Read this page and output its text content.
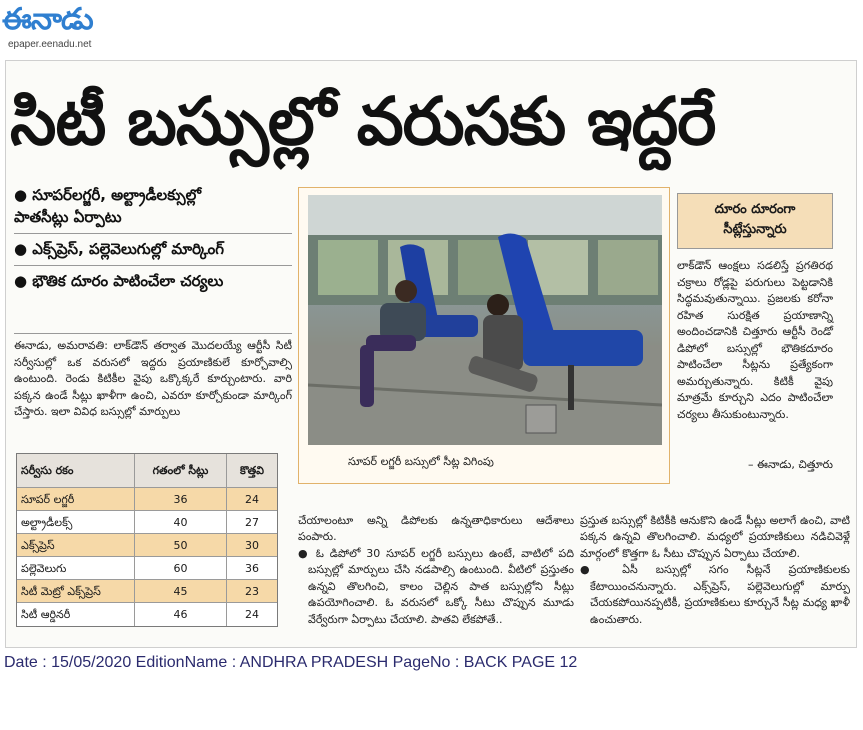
ఈనాడు
epaper.eenadu.net
సిటీ బస్సుల్లో వరుసకు ఇద్దరే
● సూపర్‌లగ్జరీ, అల్ట్రాడీలక్సుల్లో
పాతసీట్లు ఏర్పాటు
● ఎక్స్‌ప్రెస్, పల్లెవెలుగుల్లో మార్కింగ్
● భౌతిక దూరం పాటించేలా చర్యలు
ఈనాడు, అమరావతి: లాక్‌డౌన్ తర్వాత మొదలయ్యే ఆర్టీసీ సిటీ సర్వీసుల్లో ఒక వరుసలో ఇద్దరు ప్రయాణికులే కూర్చోవాల్సి ఉంటుంది. రెండు కిటికీల వైపు ఒక్కొక్కరే కూర్చుంటారు. వారి పక్కన ఉండే సీట్లు ఖాళీగా ఉంచి, ఎవరూ కూర్చోకుండా మార్కింగ్ చేస్తారు. ఇలా వివిధ బస్సుల్లో మార్పులు
సూపర్ లగ్జరీ బస్సులో సీట్ల విగింపు
దూరం దూరంగా
సీట్లేస్తున్నారు
లాక్‌డౌన్ ఆంక్షలు సడలిస్తే ప్రగతిరథ చక్రాలు రోడ్లపై పరుగులు పెట్టడానికి సిద్ధమవుతున్నాయి. ప్రజలకు కరోనా రహిత సురక్షిత ప్రయాణాన్ని అందించడానికి చిత్తూరు ఆర్టీసీ రెండో డిపోలో బస్సుల్లో భౌతికదూరం పాటించేలా సీట్లను ప్రత్యేకంగా అమర్చుతున్నారు. కిటికీ వైపు మాత్రమే కూర్చుని ఎదం పాటించేలా చర్యలు తీసుకుంటున్నారు.
– ఈనాడు, చిత్తూరు
సర్వీసు రకం	గతంలో సీట్లు	కొత్తవి
సూపర్ లగ్జరీ	36	24
అల్ట్రాడీలక్స్	40	27
ఎక్స్‌ప్రెస్	50	30
పల్లెవెలుగు	60	36
సిటీ మెట్రో ఎక్స్‌ప్రెస్	45	23
సిటీ ఆర్డినరీ	46	24

చేయాలంటూ అన్ని డిపోలకు ఉన్నతాధికారులు ఆదేశాలు పంపారు.

● ఓ డిపోలో 30 సూపర్ లగ్జరీ బస్సులు ఉంటే, వాటిలో పది బస్సుల్లో మార్పులు చేసి నడపాల్సి ఉంటుంది. వీటిలో ప్రస్తుతం ఉన్నవి తొలగించి, కాలం చెల్లిన పాత బస్సుల్లోని సీట్లు ఉపయోగించాలి. ఓ వరుసలో ఒక్కో సీటు చొప్పున మూడు వేర్వేరుగా ఏర్పాటు చేయాలి. పాతవి లేకపోతే..

ప్రస్తుత బస్సుల్లో కిటికీకి ఆనుకొని ఉండే సీట్లు అలాగే ఉంచి, వాటి పక్కన ఉన్నవి తొలగించాలి. మధ్యలో ప్రయాణికులు నడిచివెళ్లే మార్గంలో కొత్తగా ఓ సీటు చొప్పున ఏర్పాటు చేయాలి.

● ఏసీ బస్సుల్లో సగం సీట్లనే ప్రయాణికులకు కేటాయించనున్నారు. ఎక్స్‌ప్రెస్, పల్లెవెలుగుల్లో మార్పు చేయకపోయినప్పటికీ, ప్రయాణికులు కూర్చునే సీట్ల మధ్య ఖాళీ ఉంచుతారు.

Date : 15/05/2020 EditionName : ANDHRA PRADESH PageNo : BACK PAGE 12
